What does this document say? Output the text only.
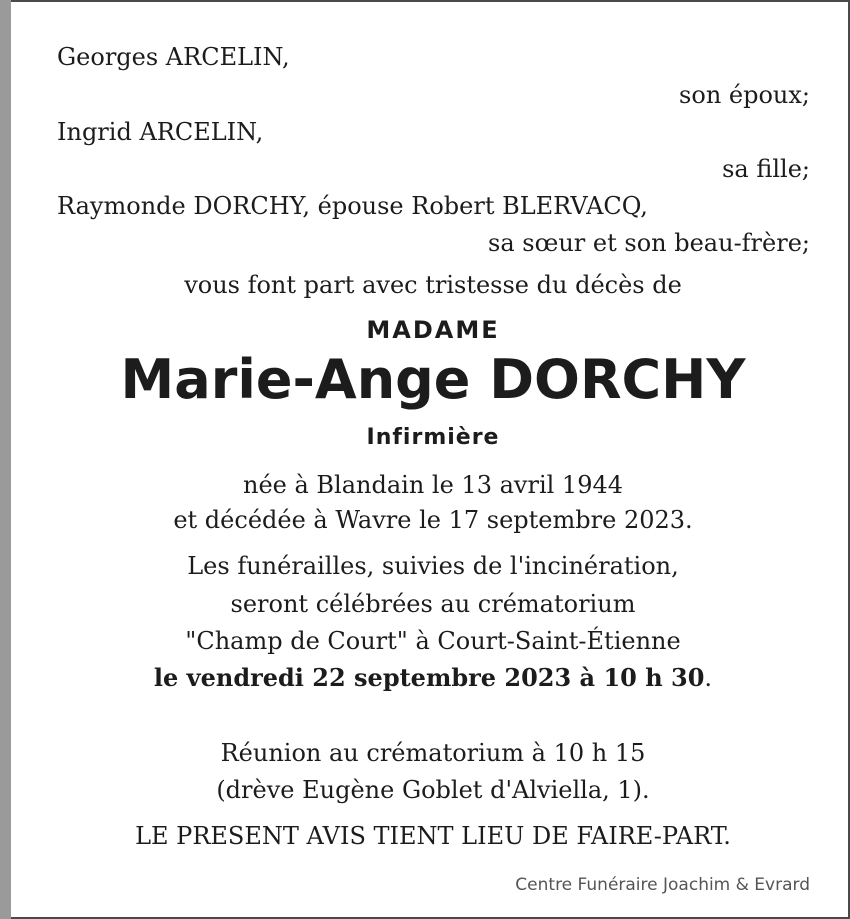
Georges ARCELIN,
son époux;
Ingrid ARCELIN,
sa fille;
Raymonde DORCHY, épouse Robert BLERVACQ,
sa sœur et son beau-frère;
vous font part avec tristesse du décès de
MADAME
Marie-Ange DORCHY
Infirmière
née à Blandain le 13 avril 1944
et décédée à Wavre le 17 septembre 2023.
Les funérailles, suivies de l'incinération,
seront célébrées au crématorium
"Champ de Court" à Court-Saint-Étienne
le vendredi 22 septembre 2023 à 10 h 30.
Réunion au crématorium à 10 h 15
(drève Eugène Goblet d'Alviella, 1).
LE PRESENT AVIS TIENT LIEU DE FAIRE-PART.
Centre Funéraire Joachim & Evrard
